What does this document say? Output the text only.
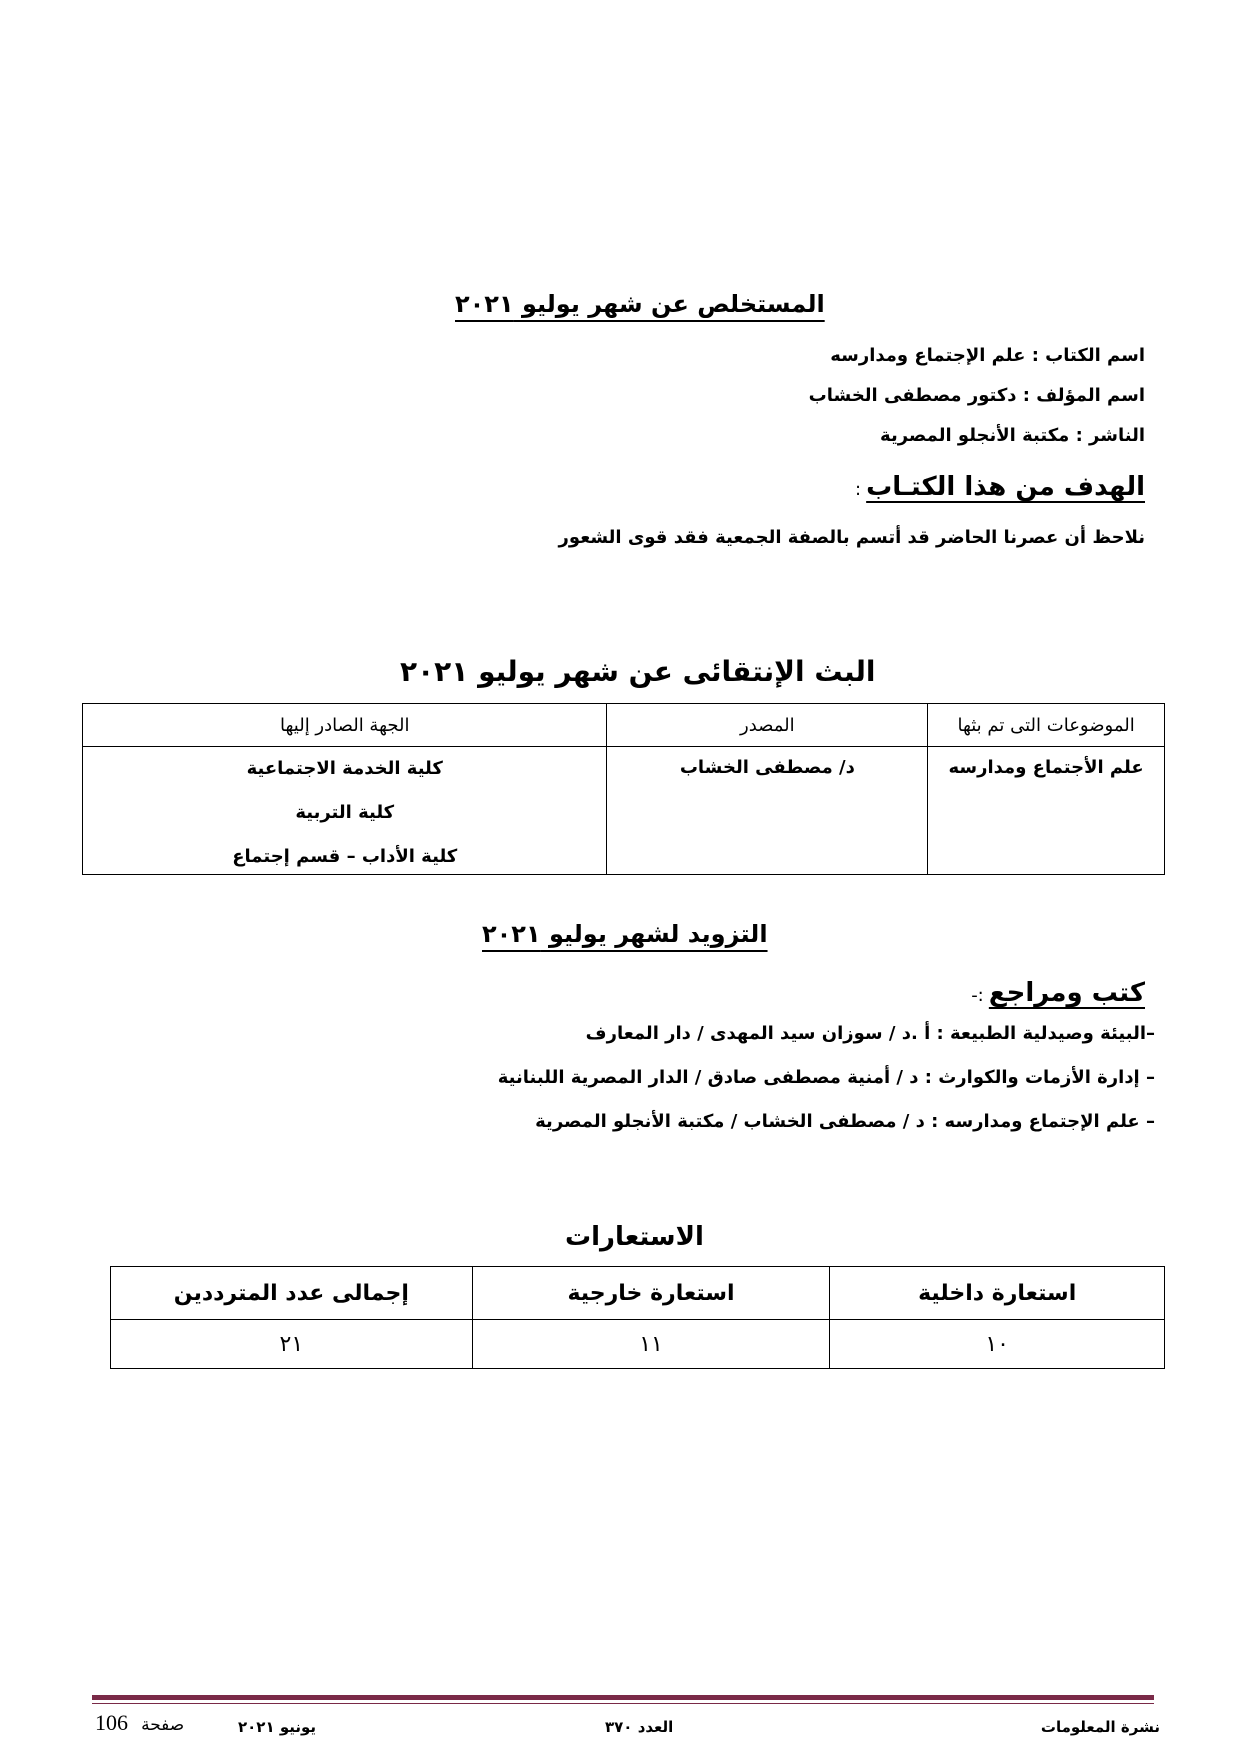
المستخلص عن شهر يوليو ٢٠٢١
اسم الكتاب : علم الإجتماع ومدارسه
اسم المؤلف : دكتور مصطفى الخشاب
الناشر : مكتبة الأنجلو المصرية
الهدف من هذا الكتـاب :
نلاحظ أن عصرنا الحاضر قد أتسم بالصفة الجمعية فقد قوى الشعور
البث الإنتقائى عن شهر يوليو ٢٠٢١
الموضوعات التى تم بثها	المصدر	الجهة الصادر إليها
علم الأجتماع ومدارسه	د/ مصطفى الخشاب	كلية الخدمة الاجتماعية
كلية التربية
كلية الأداب – قسم إجتماع
التزويد لشهر يوليو ٢٠٢١
كتب ومراجع :-
–البيئة وصيدلية الطبيعة : أ .د / سوزان سيد المهدى / دار المعارف
– إدارة الأزمات والكوارث : د / أمنية مصطفى صادق / الدار المصرية اللبنانية
– علم الإجتماع ومدارسه : د / مصطفى الخشاب / مكتبة الأنجلو المصرية
الاستعارات
استعارة داخلية	استعارة خارجية	إجمالى عدد المترددين
١٠	١١	٢١
نشرة المعلومات
العدد ٣٧٠
يونيو ٢٠٢١
106 صفحة
